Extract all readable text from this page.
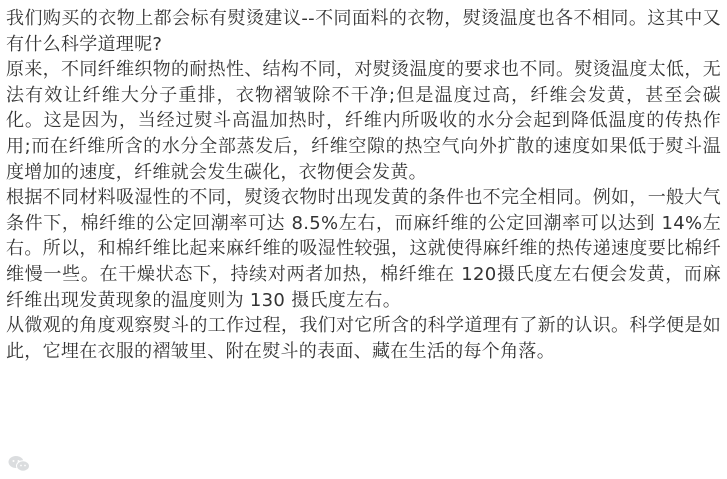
我们购买的衣物上都会标有熨烫建议--不同面料的衣物，熨烫温度也各不相同。这其中又有什么科学道理呢?

原来，不同纤维织物的耐热性、结构不同，对熨烫温度的要求也不同。熨烫温度太低，无法有效让纤维大分子重排，衣物褶皱除不干净;但是温度过高，纤维会发黄，甚至会碳化。这是因为，当经过熨斗高温加热时，纤维内所吸收的水分会起到降低温度的传热作用;而在纤维所含的水分全部蒸发后，纤维空隙的热空气向外扩散的速度如果低于熨斗温度增加的速度，纤维就会发生碳化，衣物便会发黄。

根据不同材料吸湿性的不同，熨烫衣物时出现发黄的条件也不完全相同。例如，一般大气条件下，棉纤维的公定回潮率可达 8.5%左右，而麻纤维的公定回潮率可以达到 14%左右。所以，和棉纤维比起来麻纤维的吸湿性较强，这就使得麻纤维的热传递速度要比棉纤维慢一些。在干燥状态下，持续对两者加热，棉纤维在 120摄氏度左右便会发黄，而麻纤维出现发黄现象的温度则为 130 摄氏度左右。

从微观的角度观察熨斗的工作过程，我们对它所含的科学道理有了新的认识。科学便是如此，它埋在衣服的褶皱里、附在熨斗的表面、藏在生活的每个角落。
